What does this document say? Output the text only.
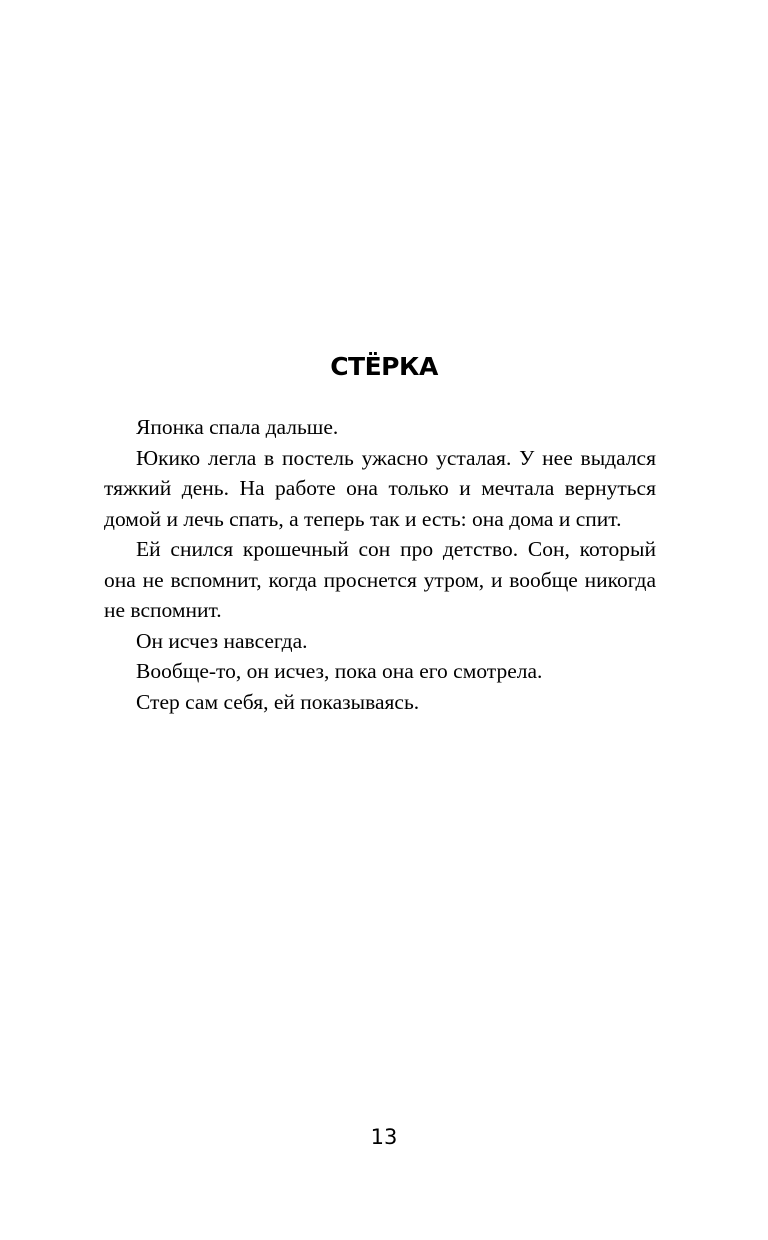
СТЁРКА

Японка спала дальше.

Юкико легла в постель ужасно усталая. У нее выдался тяжкий день. На работе она только и мечтала вернуться домой и лечь спать, а теперь так и есть: она дома и спит.

Ей снился крошечный сон про детство. Сон, который она не вспомнит, когда проснется утром, и вообще никогда не вспомнит.

Он исчез навсегда.

Вообще-то, он исчез, пока она его смотрела.

Стер сам себя, ей показываясь.

13
